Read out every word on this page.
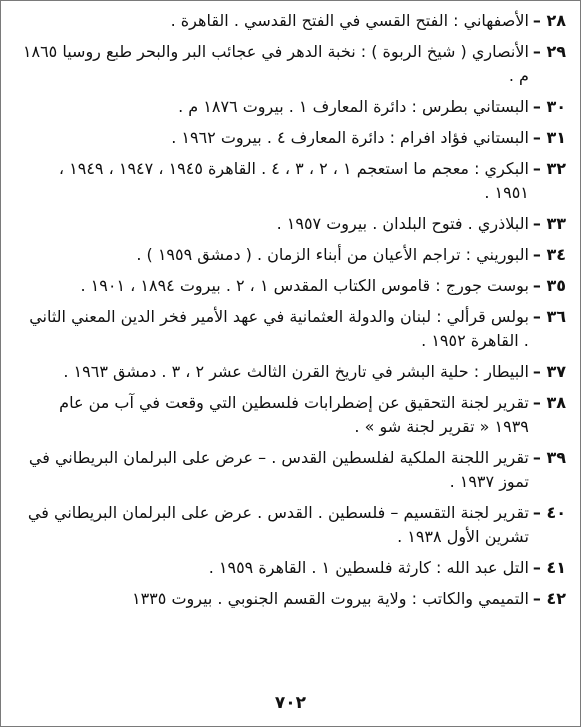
٢٨ –
الأصفهاني : الفتح القسي في الفتح القدسي . القاهرة .
٢٩ –
الأنصاري ( شيخ الربوة ) : نخبة الدهر في عجائب البر والبحر طبع روسيا ١٨٦٥ م .
٣٠ –
البستاني بطرس : دائرة المعارف ١ . بيروت ١٨٧٦ م .
٣١ –
البستاني فؤاد افرام : دائرة المعارف ٤ . بيروت ١٩٦٢ .
٣٢ –
البكري : معجم ما استعجم ١ ، ٢ ، ٣ ، ٤ . القاهرة ١٩٤٥ ، ١٩٤٧ ، ١٩٤٩ ، ١٩٥١ .
٣٣ –
البلاذري . فتوح البلدان . بيروت ١٩٥٧ .
٣٤ –
البوريني : تراجم الأعيان من أبناء الزمان . ( دمشق ١٩٥٩ ) .
٣٥ –
بوست جورج : قاموس الكتاب المقدس ١ ، ٢ . بيروت ١٨٩٤ ، ١٩٠١ .
٣٦ –
بولس قرألي : لبنان والدولة العثمانية في عهد الأمير فخر الدين المعني الثاني . القاهرة ١٩٥٢ .
٣٧ –
البيطار : حلية البشر في تاريخ القرن الثالث عشر ٢ ، ٣ . دمشق ١٩٦٣ .
٣٨ –
تقرير لجنة التحقيق عن إضطرابات فلسطين التي وقعت في آب من عام ١٩٣٩ « تقرير لجنة شو » .
٣٩ –
تقرير اللجنة الملكية لفلسطين القدس . – عرض على البرلمان البريطاني في تموز ١٩٣٧ .
٤٠ –
تقرير لجنة التقسيم – فلسطين . القدس . عرض على البرلمان البريطاني في تشرين الأول ١٩٣٨ .
٤١ –
التل عبد الله : كارثة فلسطين ١ . القاهرة ١٩٥٩ .
٤٢ –
التميمي والكاتب : ولاية بيروت القسم الجنوبي . بيروت ١٣٣٥
٧٠٢
